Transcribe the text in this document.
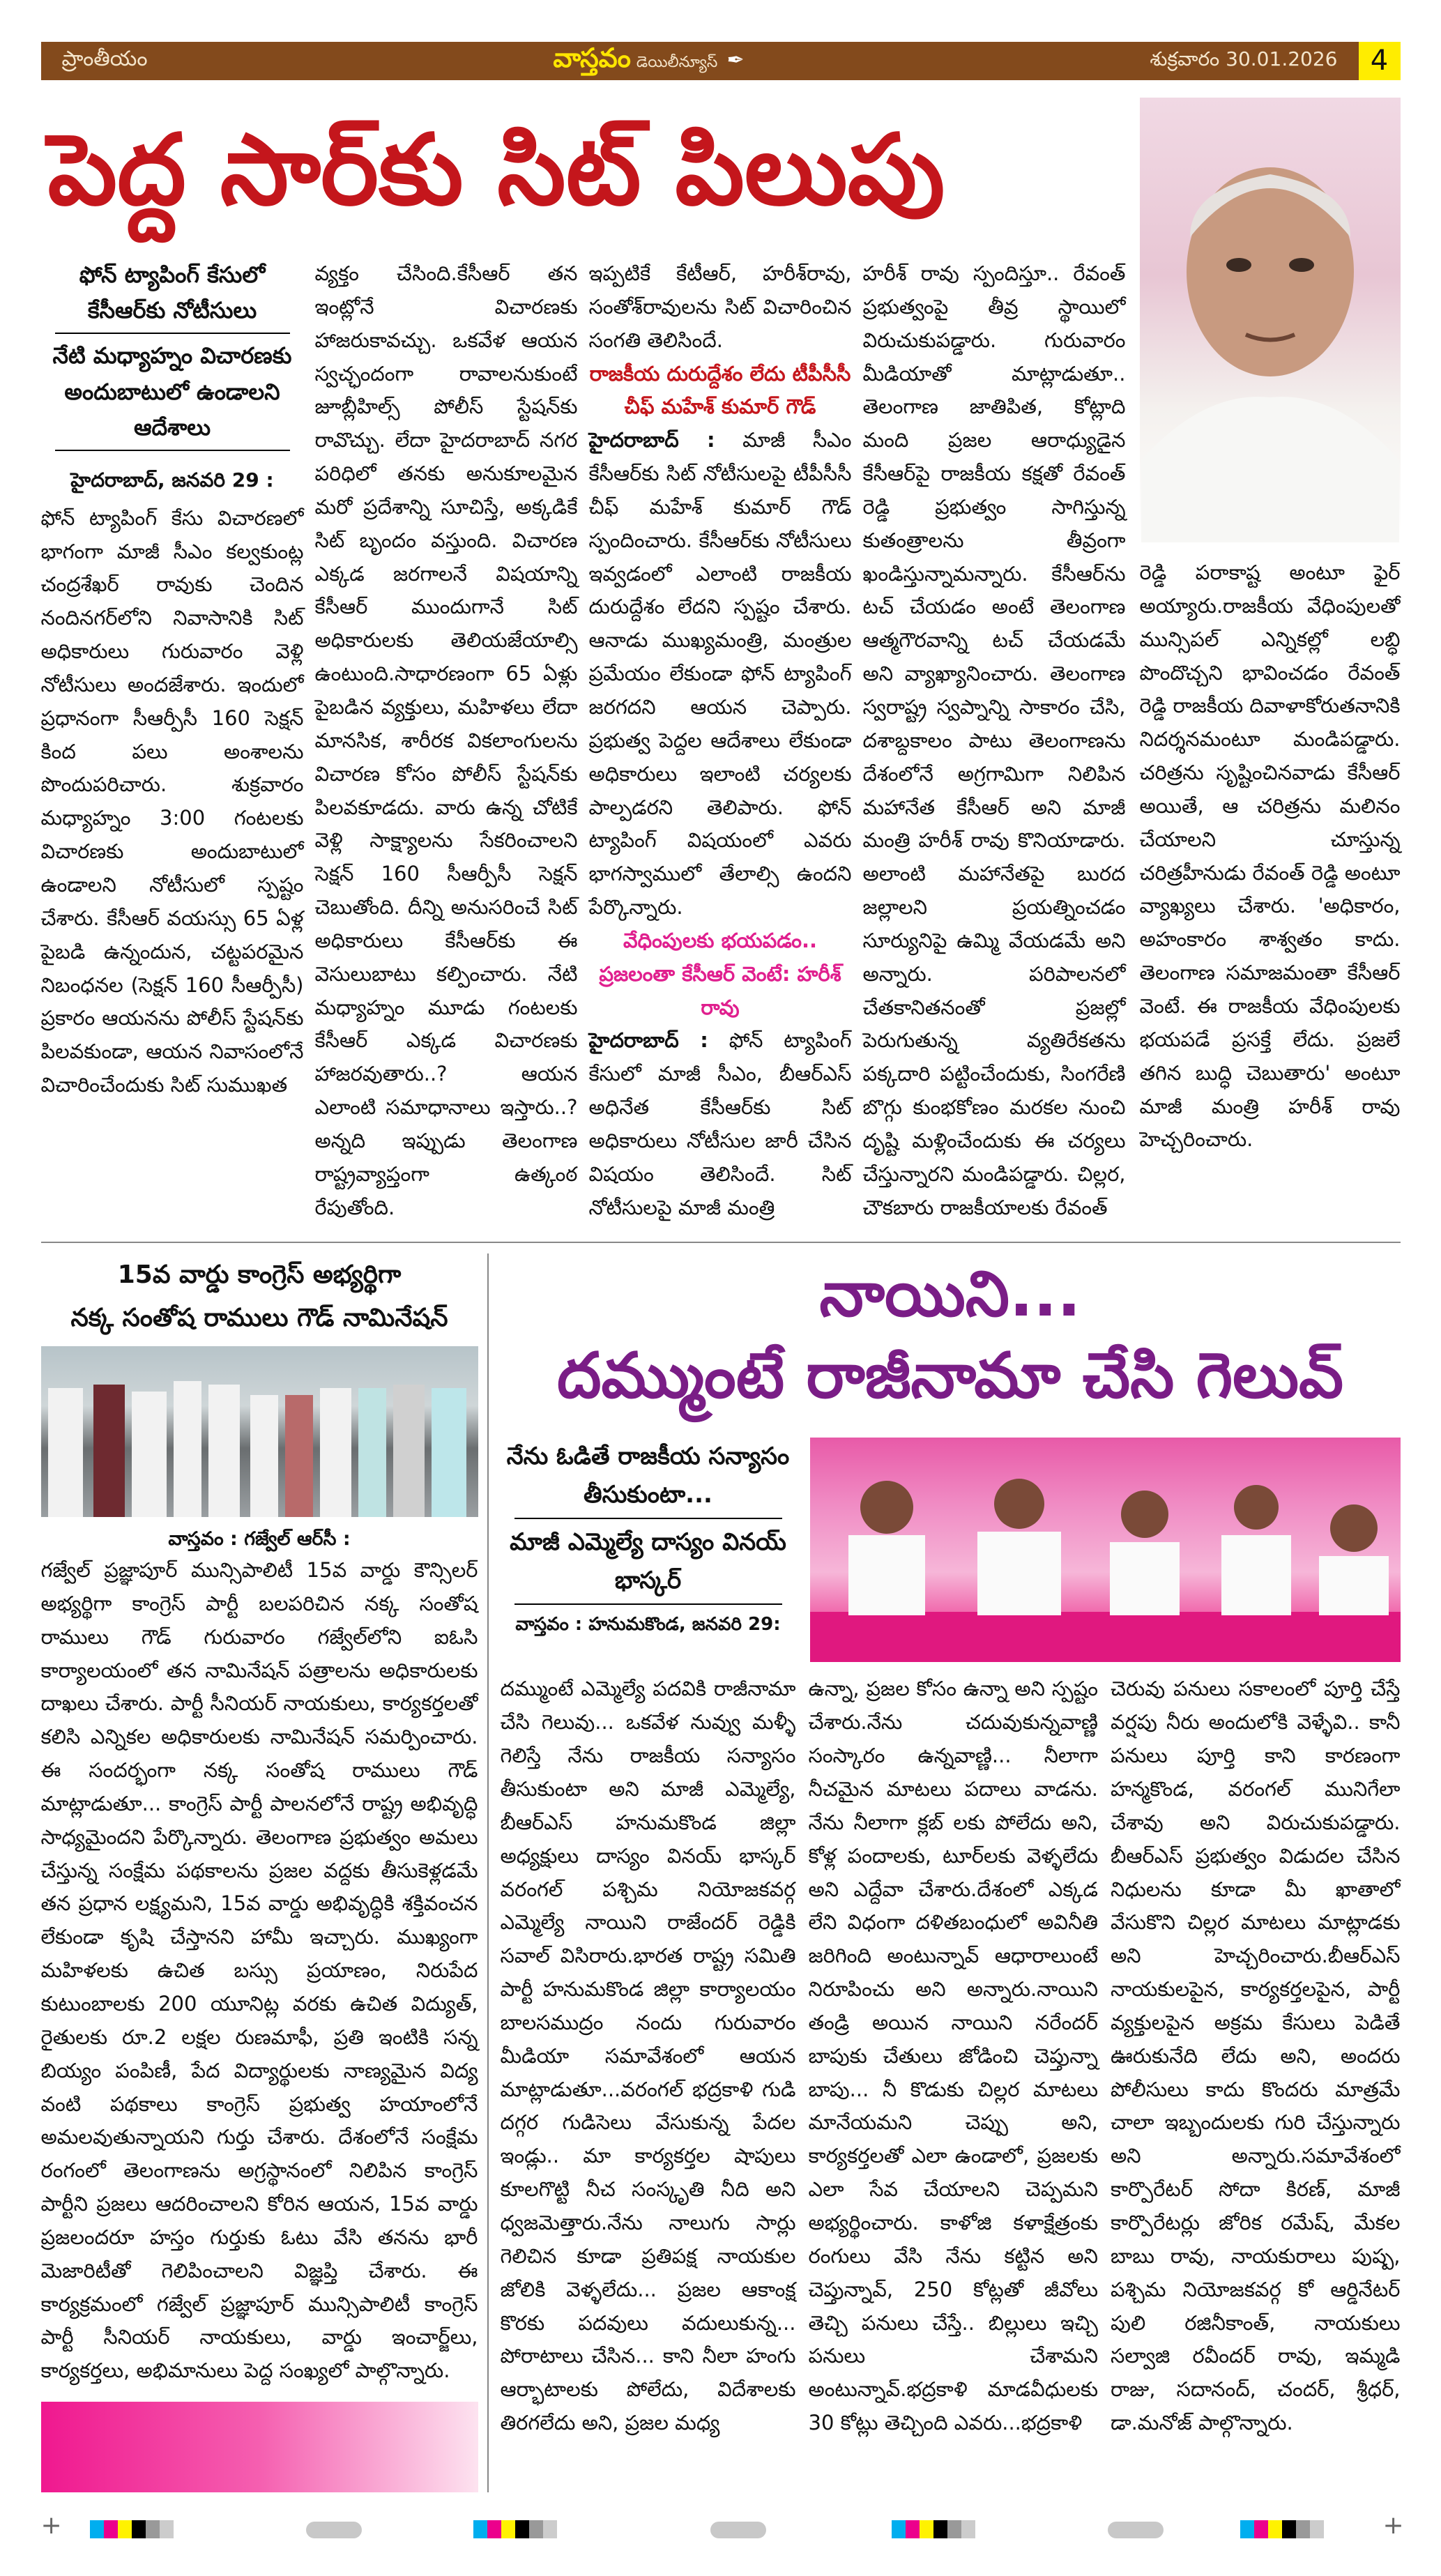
ప్రాంతీయం	వాస్తవం డెయిలీన్యూస్ ✒	శుక్రవారం 30.01.2026	4
పెద్ద సార్‌కు సిట్ పిలుపు
ఫోన్ ట్యాపింగ్ కేసులో కేసీఆర్‌కు నోటీసులు
నేటి మధ్యాహ్నం విచారణకు అందుబాటులో ఉండాలని ఆదేశాలు
హైదరాబాద్, జనవరి 29 :
ఫోన్ ట్యాపింగ్ కేసు విచారణలో భాగంగా మాజీ సీఎం కల్వకుంట్ల చంద్రశేఖర్ రావుకు చెందిన నందినగర్‌లోని నివాసానికి సిట్ అధికారులు గురువారం వెళ్లి నోటీసులు అందజేశారు. ఇందులో ప్రధానంగా సీఆర్పీసీ 160 సెక్షన్ కింద పలు అంశాలను పొందుపరిచారు. శుక్రవారం మధ్యాహ్నం 3:00 గంటలకు విచారణకు అందుబాటులో ఉండాలని నోటీసులో స్పష్టం చేశారు. కేసీఆర్ వయస్సు 65 ఏళ్ల పైబడి ఉన్నందున, చట్టపరమైన నిబంధనల (సెక్షన్ 160 సీఆర్పీసీ) ప్రకారం ఆయనను పోలీస్ స్టేషన్‌కు పిలవకుండా, ఆయన నివాసంలోనే విచారించేందుకు సిట్ సుముఖత
వ్యక్తం చేసింది.కేసీఆర్ తన ఇంట్లోనే విచారణకు హాజరుకావచ్చు. ఒకవేళ ఆయన స్వచ్ఛందంగా రావాలనుకుంటే జూబ్లీహిల్స్ పోలీస్ స్టేషన్‌కు రావొచ్చు. లేదా హైదరాబాద్ నగర పరిధిలో తనకు అనుకూలమైన మరో ప్రదేశాన్ని సూచిస్తే, అక్కడికే సిట్ బృందం వస్తుంది. విచారణ ఎక్కడ జరగాలనే విషయాన్ని కేసీఆర్ ముందుగానే సిట్ అధికారులకు తెలియజేయాల్సి ఉంటుంది.సాధారణంగా 65 ఏళ్లు పైబడిన వ్యక్తులు, మహిళలు లేదా మానసిక, శారీరక వికలాంగులను విచారణ కోసం పోలీస్ స్టేషన్‌కు పిలవకూడదు. వారు ఉన్న చోటికే వెళ్లి సాక్ష్యాలను సేకరించాలని సెక్షన్ 160 సీఆర్పీసీ సెక్షన్ చెబుతోంది. దీన్ని అనుసరించే సిట్ అధికారులు కేసీఆర్‌కు ఈ వెసులుబాటు కల్పించారు. నేటి మధ్యాహ్నం మూడు గంటలకు కేసీఆర్ ఎక్కడ విచారణకు హాజరవుతారు..? ఆయన ఎలాంటి సమాధానాలు ఇస్తారు..? అన్నది ఇప్పుడు తెలంగాణ రాష్ట్రవ్యాప్తంగా ఉత్కంఠ రేపుతోంది.
ఇప్పటికే కేటీఆర్, హరీశ్‌రావు, సంతోశ్‌రావులను సిట్ విచారించిన సంగతి తెలిసిందే.
రాజకీయ దురుద్దేశం లేదు టీపీసీసీ చీఫ్ మహేశ్ కుమార్ గౌడ్
హైదరాబాద్ : మాజీ సీఎం కేసీఆర్‌కు సిట్ నోటీసులపై టీపీసీసీ చీఫ్ మహేశ్ కుమార్ గౌడ్ స్పందించారు. కేసీఆర్‌కు నోటీసులు ఇవ్వడంలో ఎలాంటి రాజకీయ దురుద్దేశం లేదని స్పష్టం చేశారు. ఆనాడు ముఖ్యమంత్రి, మంత్రుల ప్రమేయం లేకుండా ఫోన్ ట్యాపింగ్ జరగదని ఆయన చెప్పారు. ప్రభుత్వ పెద్దల ఆదేశాలు లేకుండా అధికారులు ఇలాంటి చర్యలకు పాల్పడరని తెలిపారు. ఫోన్ ట్యాపింగ్ విషయంలో ఎవరు భాగస్వాములో తేలాల్సి ఉందని పేర్కొన్నారు.
వేధింపులకు భయపడం.. ప్రజలంతా కేసీఆర్ వెంటే: హరీశ్ రావు
హైదరాబాద్ : ఫోన్ ట్యాపింగ్ కేసులో మాజీ సీఎం, బీఆర్ఎస్ అధినేత కేసీఆర్‌కు సిట్ అధికారులు నోటీసుల జారీ చేసిన విషయం తెలిసిందే. సిట్ నోటీసులపై మాజీ మంత్రి
హరీశ్ రావు స్పందిస్తూ.. రేవంత్ ప్రభుత్వంపై తీవ్ర స్థాయిలో విరుచుకుపడ్డారు. గురువారం మీడియాతో మాట్లాడుతూ.. తెలంగాణ జాతిపిత, కోట్లాది మంది ప్రజల ఆరాధ్యుడైన కేసీఆర్‌పై రాజకీయ కక్షతో రేవంత్ రెడ్డి ప్రభుత్వం సాగిస్తున్న కుతంత్రాలను తీవ్రంగా ఖండిస్తున్నామన్నారు. కేసీఆర్‌ను టచ్ చేయడం అంటే తెలంగాణ ఆత్మగౌరవాన్ని టచ్ చేయడమే అని వ్యాఖ్యానించారు. తెలంగాణ స్వరాష్ట్ర స్వప్నాన్ని సాకారం చేసి, దశాబ్దకాలం పాటు తెలంగాణను దేశంలోనే అగ్రగామిగా నిలిపిన మహానేత కేసీఆర్ అని మాజీ మంత్రి హరీశ్ రావు కొనియాడారు. అలాంటి మహానేతపై బురద జల్లాలని ప్రయత్నించడం సూర్యునిపై ఉమ్మి వేయడమే అని అన్నారు. పరిపాలనలో చేతకానితనంతో ప్రజల్లో పెరుగుతున్న వ్యతిరేకతను పక్కదారి పట్టించేందుకు, సింగరేణి బొగ్గు కుంభకోణం మరకల నుంచి దృష్టి మళ్లించేందుకు ఈ చర్యలు చేస్తున్నారని మండిపడ్డారు. చిల్లర, చౌకబారు రాజకీయాలకు రేవంత్
రెడ్డి పరాకాష్ట అంటూ ఫైర్ అయ్యారు.రాజకీయ వేధింపులతో మున్సిపల్ ఎన్నికల్లో లబ్ధి పొందొచ్చని భావించడం రేవంత్ రెడ్డి రాజకీయ దివాళాకోరుతనానికి నిదర్శనమంటూ మండిపడ్డారు. చరిత్రను సృష్టించినవాడు కేసీఆర్ అయితే, ఆ చరిత్రను మలినం చేయాలని చూస్తున్న చరిత్రహీనుడు రేవంత్ రెడ్డి అంటూ వ్యాఖ్యలు చేశారు. 'అధికారం, అహంకారం శాశ్వతం కాదు. తెలంగాణ సమాజమంతా కేసీఆర్ వెంటే. ఈ రాజకీయ వేధింపులకు భయపడే ప్రసక్తే లేదు. ప్రజలే తగిన బుద్ధి చెబుతారు' అంటూ మాజీ మంత్రి హరీశ్ రావు హెచ్చరించారు.
15వ వార్డు కాంగ్రెస్ అభ్యర్థిగా
నక్క సంతోష రాములు గౌడ్ నామినేషన్
వాస్తవం : గజ్వేల్ ఆర్‌సీ :
గజ్వేల్ ప్రజ్ఞాపూర్ మున్సిపాలిటీ 15వ వార్డు కౌన్సిలర్ అభ్యర్థిగా కాంగ్రెస్ పార్టీ బలపరిచిన నక్క సంతోష రాములు గౌడ్ గురువారం గజ్వేల్‌లోని ఐఓసి కార్యాలయంలో తన నామినేషన్ పత్రాలను అధికారులకు దాఖలు చేశారు. పార్టీ సీనియర్ నాయకులు, కార్యకర్తలతో కలిసి ఎన్నికల అధికారులకు నామినేషన్ సమర్పించారు. ఈ సందర్భంగా నక్క సంతోష రాములు గౌడ్ మాట్లాడుతూ... కాంగ్రెస్ పార్టీ పాలనలోనే రాష్ట్ర అభివృద్ధి సాధ్యమైందని పేర్కొన్నారు. తెలంగాణ ప్రభుత్వం అమలు చేస్తున్న సంక్షేమ పథకాలను ప్రజల వద్దకు తీసుకెళ్లడమే తన ప్రధాన లక్ష్యమని, 15వ వార్డు అభివృద్ధికి శక్తివంచన లేకుండా కృషి చేస్తానని హామీ ఇచ్చారు. ముఖ్యంగా మహిళలకు ఉచిత బస్సు ప్రయాణం, నిరుపేద కుటుంబాలకు 200 యూనిట్ల వరకు ఉచిత విద్యుత్, రైతులకు రూ.2 లక్షల రుణమాఫీ, ప్రతి ఇంటికి సన్న బియ్యం పంపిణీ, పేద విద్యార్థులకు నాణ్యమైన విద్య వంటి పథకాలు కాంగ్రెస్ ప్రభుత్వ హయాంలోనే అమలవుతున్నాయని గుర్తు చేశారు. దేశంలోనే సంక్షేమ రంగంలో తెలంగాణను అగ్రస్థానంలో నిలిపిన కాంగ్రెస్ పార్టీని ప్రజలు ఆదరించాలని కోరిన ఆయన, 15వ వార్డు ప్రజలందరూ హస్తం గుర్తుకు ఓటు వేసి తనను భారీ మెజారిటీతో గెలిపించాలని విజ్ఞప్తి చేశారు. ఈ కార్యక్రమంలో గజ్వేల్ ప్రజ్ఞాపూర్ మున్సిపాలిటీ కాంగ్రెస్ పార్టీ సీనియర్ నాయకులు, వార్డు ఇంచార్జ్‌లు, కార్యకర్తలు, అభిమానులు పెద్ద సంఖ్యలో పాల్గొన్నారు.
నాయిని...
దమ్ముంటే రాజీనామా చేసి గెలువ్
నేను ఓడితే రాజకీయ సన్యాసం తీసుకుంటా...
మాజీ ఎమ్మెల్యే దాస్యం వినయ్ భాస్కర్
వాస్తవం : హనుమకొండ, జనవరి 29:
దమ్ముంటే ఎమ్మెల్యే పదవికి రాజీనామా చేసి గెలువు... ఒకవేళ నువ్వు మళ్ళీ గెలిస్తే నేను రాజకీయ సన్యాసం తీసుకుంటా అని మాజీ ఎమ్మెల్యే, బీఆర్ఎస్ హనుమకొండ జిల్లా అధ్యక్షులు దాస్యం వినయ్ భాస్కర్ వరంగల్ పశ్చిమ నియోజకవర్గ ఎమ్మెల్యే నాయిని రాజేందర్ రెడ్డికి సవాల్ విసిరారు.భారత రాష్ట్ర సమితి పార్టీ హనుమకొండ జిల్లా కార్యాలయం బాలసముద్రం నందు గురువారం మీడియా సమావేశంలో ఆయన మాట్లాడుతూ...వరంగల్ భద్రకాళి గుడి దగ్గర గుడిసెలు వేసుకున్న పేదల ఇండ్లు.. మా కార్యకర్తల షాపులు కూలగొట్టి నీచ సంస్కృతి నీది అని ధ్వజమెత్తారు.నేను నాలుగు సార్లు గెలిచిన కూడా ప్రతిపక్ష నాయకుల జోలికి వెళ్ళలేదు... ప్రజల ఆకాంక్ష కొరకు పదవులు వదులుకున్న... పోరాటాలు చేసిన... కాని నీలా హంగు ఆర్భాటాలకు పోలేదు, విదేశాలకు తిరగలేదు అని, ప్రజల మధ్య
ఉన్నా, ప్రజల కోసం ఉన్నా అని స్పష్టం చేశారు.నేను చదువుకున్నవాణ్ణి సంస్కారం ఉన్నవాణ్ణి... నీలాగా నీచమైన మాటలు పదాలు వాడను. నేను నీలాగా క్లబ్ లకు పోలేదు అని, కోళ్ల పందాలకు, టూర్‌లకు వెళ్ళలేదు అని ఎద్దేవా చేశారు.దేశంలో ఎక్కడ లేని విధంగా దళితబంధులో అవినీతి జరిగింది అంటున్నావ్ ఆధారాలుంటే నిరూపించు అని అన్నారు.నాయిని తండ్రి అయిన నాయిని నరేందర్ బాపుకు చేతులు జోడించి చెప్తున్నా బాపు... నీ కొడుకు చిల్లర మాటలు మానేయమని చెప్పు అని, కార్యకర్తలతో ఎలా ఉండాలో, ప్రజలకు ఎలా సేవ చేయాలని చెప్పమని అభ్యర్థించారు. కాళోజి కళాక్షేత్రంకు రంగులు వేసి నేను కట్టిన అని చెప్తున్నావ్, 250 కోట్లతో జీవోలు తెచ్చి పనులు చేస్తే.. బిల్లులు ఇచ్చి పనులు చేశామని అంటున్నావ్.భద్రకాళి మాడవీధులకు 30 కోట్లు తెచ్చింది ఎవరు...భద్రకాళి
చెరువు పనులు సకాలంలో పూర్తి చేస్తే వర్షపు నీరు అందులోకి వెళ్ళేవి.. కానీ పనులు పూర్తి కాని కారణంగా హన్మకొండ, వరంగల్ మునిగేలా చేశావు అని విరుచుకుపడ్డారు. బీఆర్ఎస్ ప్రభుత్వం విడుదల చేసిన నిధులను కూడా మీ ఖాతాలో వేసుకొని చిల్లర మాటలు మాట్లాడకు అని హెచ్చరించారు.బీఆర్ఎస్ నాయకులపైన, కార్యకర్తలపైన, పార్టీ వ్యక్తులపైన అక్రమ కేసులు పెడితే ఊరుకునేది లేదు అని, అందరు పోలీసులు కాదు కొందరు మాత్రమే చాలా ఇబ్బందులకు గురి చేస్తున్నారు అని అన్నారు.సమావేశంలో కార్పొరేటర్ సోదా కిరణ్, మాజీ కార్పొరేటర్లు జోరిక రమేష్, మేకల బాబు రావు, నాయకురాలు పుష్ప, పశ్చిమ నియోజకవర్గ కో ఆర్డినేటర్ పులి రజినీకాంత్, నాయకులు సల్వాజి రవీందర్ రావు, ఇమ్మడి రాజు, సదానంద్, చందర్, శ్రీధర్, డా.మనోజ్ పాల్గొన్నారు.
+	+
